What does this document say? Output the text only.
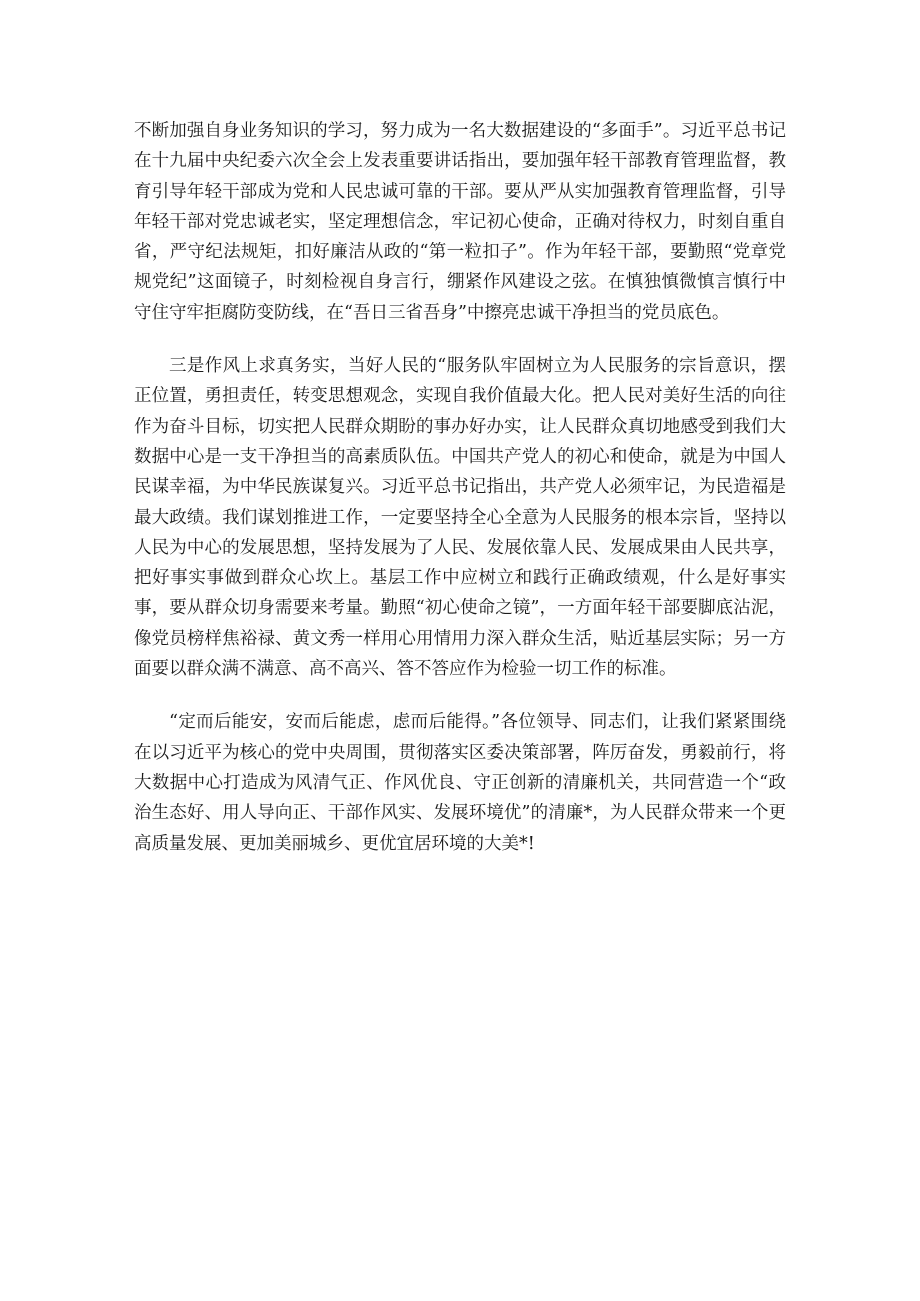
不断加强自身业务知识的学习，努力成为一名大数据建设的“多面手”。习近平总书记在十九届中央纪委六次全会上发表重要讲话指出，要加强年轻干部教育管理监督，教育引导年轻干部成为党和人民忠诚可靠的干部。要从严从实加强教育管理监督，引导年轻干部对党忠诚老实，坚定理想信念，牢记初心使命，正确对待权力，时刻自重自省，严守纪法规矩，扣好廉洁从政的“第一粒扣子”。作为年轻干部，要勤照“党章党规党纪”这面镜子，时刻检视自身言行，绷紧作风建设之弦。在慎独慎微慎言慎行中守住守牢拒腐防变防线，在“吾日三省吾身”中擦亮忠诚干净担当的党员底色。

三是作风上求真务实，当好人民的“服务队牢固树立为人民服务的宗旨意识，摆正位置，勇担责任，转变思想观念，实现自我价值最大化。把人民对美好生活的向往作为奋斗目标，切实把人民群众期盼的事办好办实，让人民群众真切地感受到我们大数据中心是一支干净担当的高素质队伍。中国共产党人的初心和使命，就是为中国人民谋幸福，为中华民族谋复兴。习近平总书记指出，共产党人必须牢记，为民造福是最大政绩。我们谋划推进工作，一定要坚持全心全意为人民服务的根本宗旨，坚持以人民为中心的发展思想，坚持发展为了人民、发展依靠人民、发展成果由人民共享，把好事实事做到群众心坎上。基层工作中应树立和践行正确政绩观，什么是好事实事，要从群众切身需要来考量。勤照“初心使命之镜”，一方面年轻干部要脚底沾泥，像党员榜样焦裕禄、黄文秀一样用心用情用力深入群众生活，贴近基层实际；另一方面要以群众满不满意、高不高兴、答不答应作为检验一切工作的标准。

“定而后能安，安而后能虑，虑而后能得。”各位领导、同志们，让我们紧紧围绕在以习近平为核心的党中央周围，贯彻落实区委决策部署，阵厉奋发，勇毅前行，将大数据中心打造成为风清气正、作风优良、守正创新的清廉机关，共同营造一个“政治生态好、用人导向正、干部作风实、发展环境优”的清廉*，为人民群众带来一个更高质量发展、更加美丽城乡、更优宜居环境的大美*!
